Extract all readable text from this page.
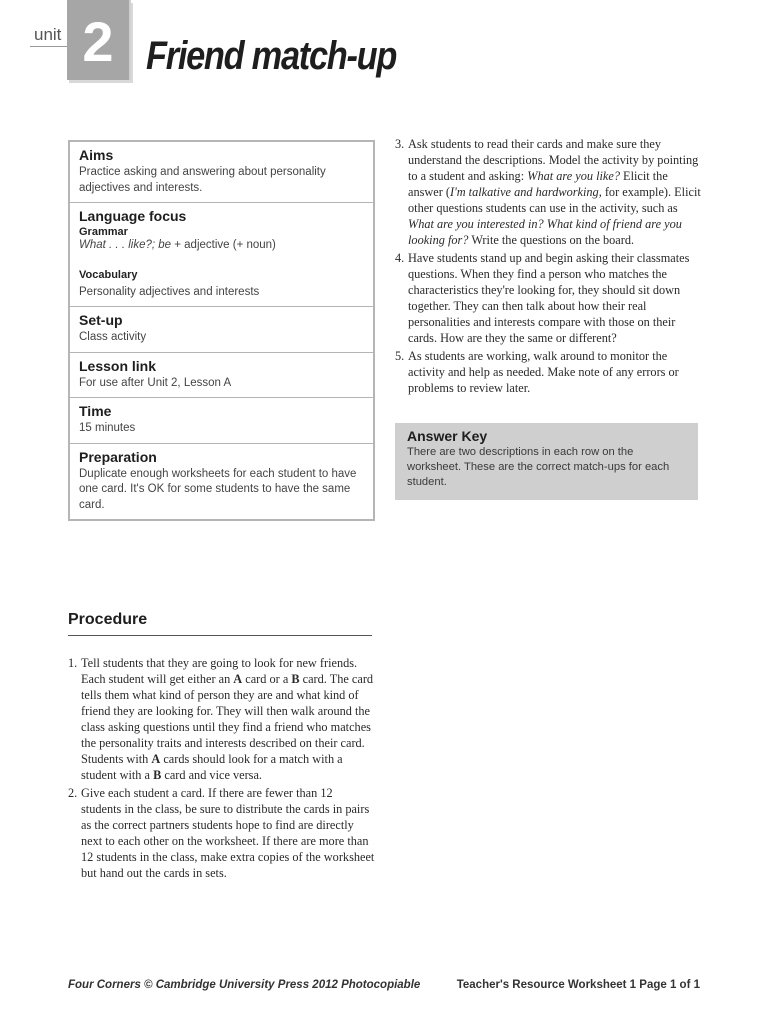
unit 2 Friend match-up
Aims
Practice asking and answering about personality adjectives and interests.
Language focus
Grammar
What . . . like?; be + adjective (+ noun)
Vocabulary
Personality adjectives and interests
Set-up
Class activity
Lesson link
For use after Unit 2, Lesson A
Time
15 minutes
Preparation
Duplicate enough worksheets for each student to have one card. It's OK for some students to have the same card.
3. Ask students to read their cards and make sure they understand the descriptions. Model the activity by pointing to a student and asking: What are you like? Elicit the answer (I'm talkative and hardworking, for example). Elicit other questions students can use in the activity, such as What are you interested in? What kind of friend are you looking for? Write the questions on the board.
4. Have students stand up and begin asking their classmates questions. When they find a person who matches the characteristics they're looking for, they should sit down together. They can then talk about how their real personalities and interests compare with those on their cards. How are they the same or different?
5. As students are working, walk around to monitor the activity and help as needed. Make note of any errors or problems to review later.
Answer Key
There are two descriptions in each row on the worksheet. These are the correct match-ups for each student.
Procedure
1. Tell students that they are going to look for new friends. Each student will get either an A card or a B card. The card tells them what kind of person they are and what kind of friend they are looking for. They will then walk around the class asking questions until they find a friend who matches the personality traits and interests described on their card. Students with A cards should look for a match with a student with a B card and vice versa.
2. Give each student a card. If there are fewer than 12 students in the class, be sure to distribute the cards in pairs as the correct partners students hope to find are directly next to each other on the worksheet. If there are more than 12 students in the class, make extra copies of the worksheet but hand out the cards in sets.
Four Corners © Cambridge University Press 2012 Photocopiable	Teacher's Resource Worksheet 1 Page 1 of 1
